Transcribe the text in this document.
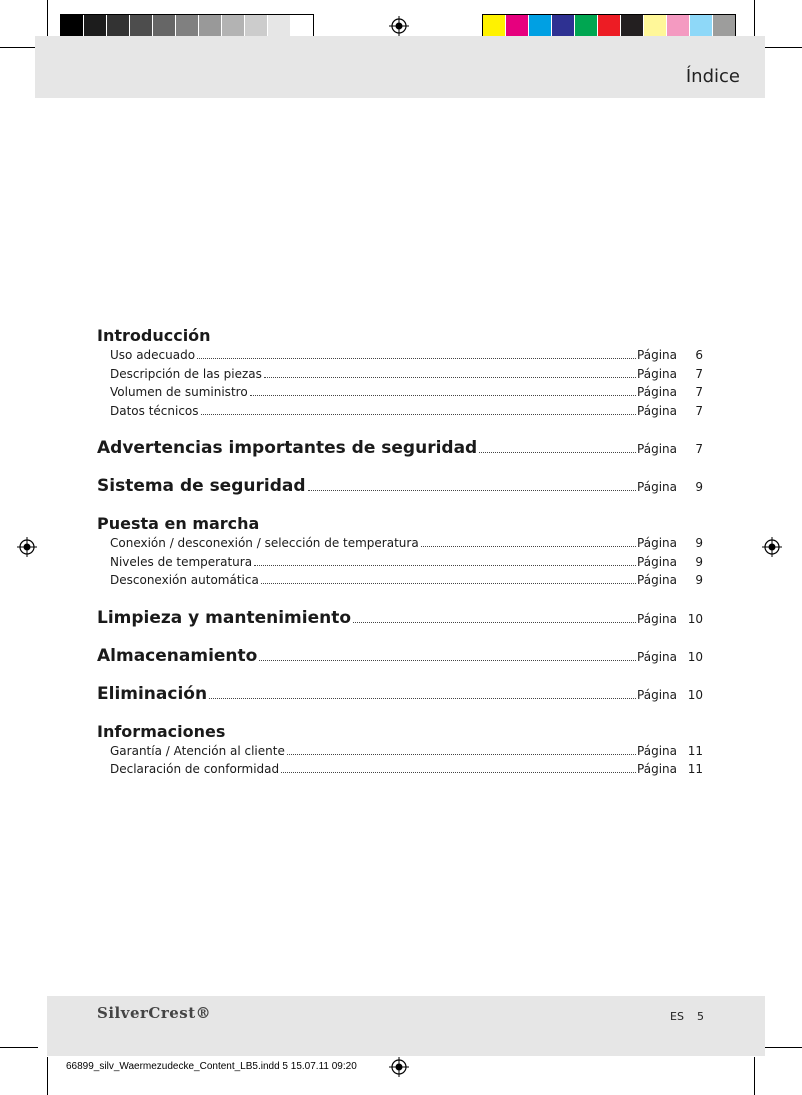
Índice
Introducción
Uso adecuado	Página	6
Descripción de las piezas	Página	7
Volumen de suministro	Página	7
Datos técnicos	Página	7
Advertencias importantes de seguridad	Página	7
Sistema de seguridad	Página	9
Puesta en marcha
Conexión / desconexión / selección de temperatura	Página	9
Niveles de temperatura	Página	9
Desconexión automática	Página	9
Limpieza y mantenimiento	Página 10
Almacenamiento	Página 10
Eliminación	Página 10
Informaciones
Garantía / Atención al cliente	Página 11
Declaración de conformidad	Página 11
SilverCrest®	ES 5
66899_silv_Waermezudecke_Content_LB5.indd 5 15.07.11 09:20
